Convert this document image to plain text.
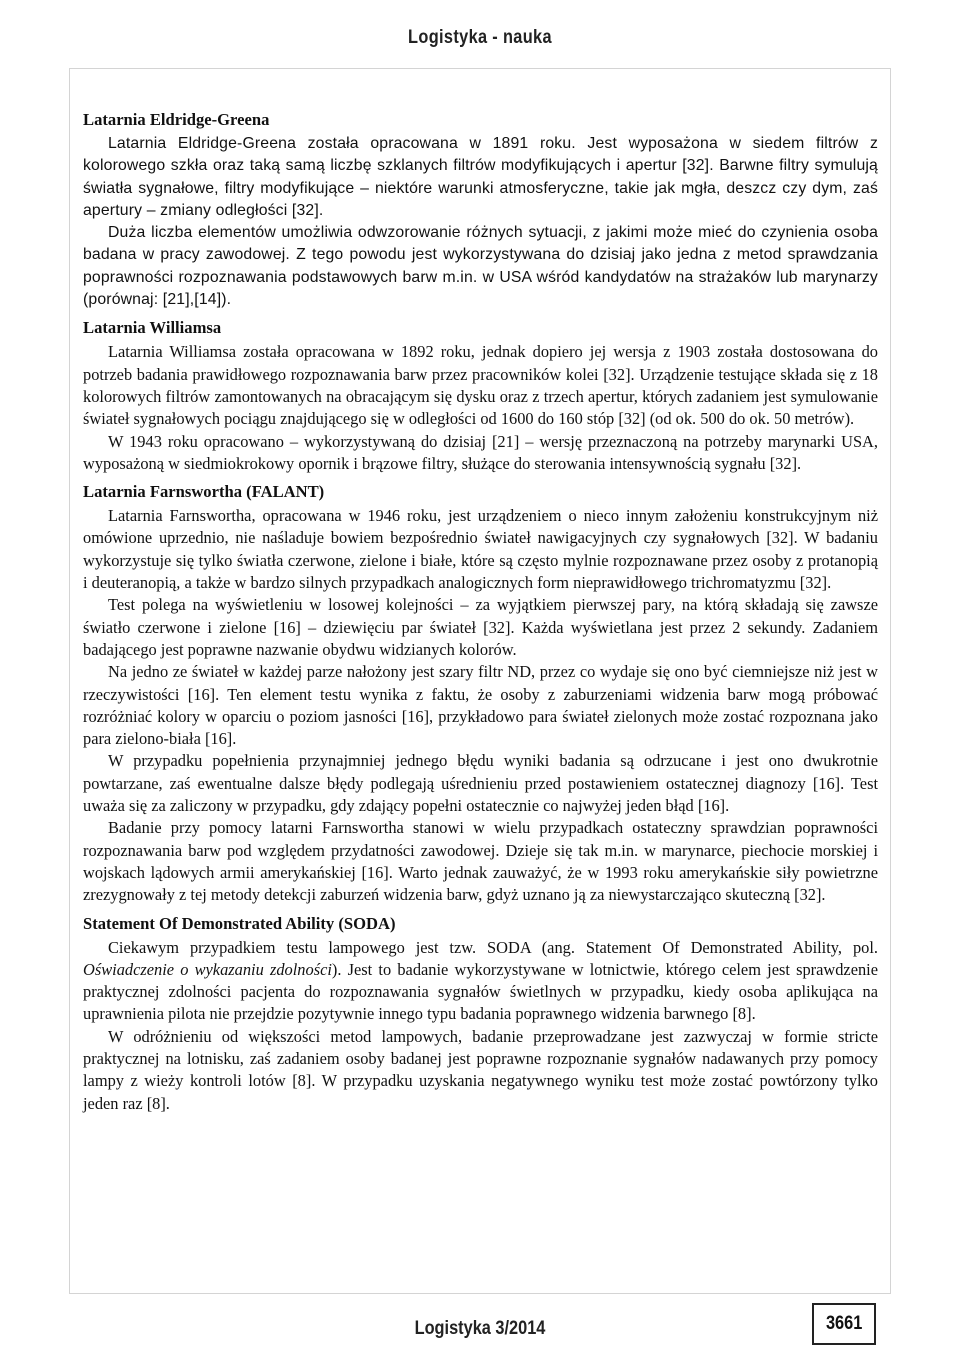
Logistyka - nauka
Latarnia Eldridge-Greena

Latarnia Eldridge-Greena została opracowana w 1891 roku. Jest wyposażona w siedem filtrów z kolorowego szkła oraz taką samą liczbę szklanych filtrów modyfikujących i apertur [32]. Barwne filtry symulują światła sygnałowe, filtry modyfikujące – niektóre warunki atmosferyczne, takie jak mgła, deszcz czy dym, zaś apertury – zmiany odległości [32].

Duża liczba elementów umożliwia odwzorowanie różnych sytuacji, z jakimi może mieć do czynienia osoba badana w pracy zawodowej. Z tego powodu jest wykorzystywana do dzisiaj jako jedna z metod sprawdzania poprawności rozpoznawania podstawowych barw m.in. w USA wśród kandydatów na strażaków lub marynarzy (porównaj: [21],[14]).

Latarnia Williamsa

Latarnia Williamsa została opracowana w 1892 roku, jednak dopiero jej wersja z 1903 została dostosowana do potrzeb badania prawidłowego rozpoznawania barw przez pracowników kolei [32]. Urządzenie testujące składa się z 18 kolorowych filtrów zamontowanych na obracającym się dysku oraz z trzech apertur, których zadaniem jest symulowanie świateł sygnałowych pociągu znajdującego się w odległości od 1600 do 160 stóp [32] (od ok. 500 do ok. 50 metrów).

W 1943 roku opracowano – wykorzystywaną do dzisiaj [21] – wersję przeznaczoną na potrzeby marynarki USA, wyposażoną w siedmiokrokowy opornik i brązowe filtry, służące do sterowania intensywnością sygnału [32].

Latarnia Farnswortha (FALANT)

Latarnia Farnswortha, opracowana w 1946 roku, jest urządzeniem o nieco innym założeniu konstrukcyjnym niż omówione uprzednio, nie naśladuje bowiem bezpośrednio świateł nawigacyjnych czy sygnałowych [32]. W badaniu wykorzystuje się tylko światła czerwone, zielone i białe, które są często mylnie rozpoznawane przez osoby z protanopią i deuteranopią, a także w bardzo silnych przypadkach analogicznych form nieprawidłowego trichromatyzmu [32].

Test polega na wyświetleniu w losowej kolejności – za wyjątkiem pierwszej pary, na którą składają się zawsze światło czerwone i zielone [16] – dziewięciu par świateł [32]. Każda wyświetlana jest przez 2 sekundy. Zadaniem badającego jest poprawne nazwanie obydwu widzianych kolorów.

Na jedno ze świateł w każdej parze nałożony jest szary filtr ND, przez co wydaje się ono być ciemniejsze niż jest w rzeczywistości [16]. Ten element testu wynika z faktu, że osoby z zaburzeniami widzenia barw mogą próbować rozróżniać kolory w oparciu o poziom jasności [16], przykładowo para świateł zielonych może zostać rozpoznana jako para zielono-biała [16].

W przypadku popełnienia przynajmniej jednego błędu wyniki badania są odrzucane i jest ono dwukrotnie powtarzane, zaś ewentualne dalsze błędy podlegają uśrednieniu przed postawieniem ostatecznej diagnozy [16]. Test uważa się za zaliczony w przypadku, gdy zdający popełni ostatecznie co najwyżej jeden błąd [16].

Badanie przy pomocy latarni Farnswortha stanowi w wielu przypadkach ostateczny sprawdzian poprawności rozpoznawania barw pod względem przydatności zawodowej. Dzieje się tak m.in. w marynarce, piechocie morskiej i wojskach lądowych armii amerykańskiej [16]. Warto jednak zauważyć, że w 1993 roku amerykańskie siły powietrzne zrezygnowały z tej metody detekcji zaburzeń widzenia barw, gdyż uznano ją za niewystarczająco skuteczną [32].

Statement Of Demonstrated Ability (SODA)

Ciekawym przypadkiem testu lampowego jest tzw. SODA (ang. Statement Of Demonstrated Ability, pol. Oświadczenie o wykazaniu zdolności). Jest to badanie wykorzystywane w lotnictwie, którego celem jest sprawdzenie praktycznej zdolności pacjenta do rozpoznawania sygnałów świetlnych w przypadku, kiedy osoba aplikująca na uprawnienia pilota nie przejdzie pozytywnie innego typu badania poprawnego widzenia barwnego [8].

W odróżnieniu od większości metod lampowych, badanie przeprowadzane jest zazwyczaj w formie stricte praktycznej na lotnisku, zaś zadaniem osoby badanej jest poprawne rozpoznanie sygnałów nadawanych przy pomocy lampy z wieży kontroli lotów [8]. W przypadku uzyskania negatywnego wyniku test może zostać powtórzony tylko jeden raz [8].

Logistyka 3/2014	3661
